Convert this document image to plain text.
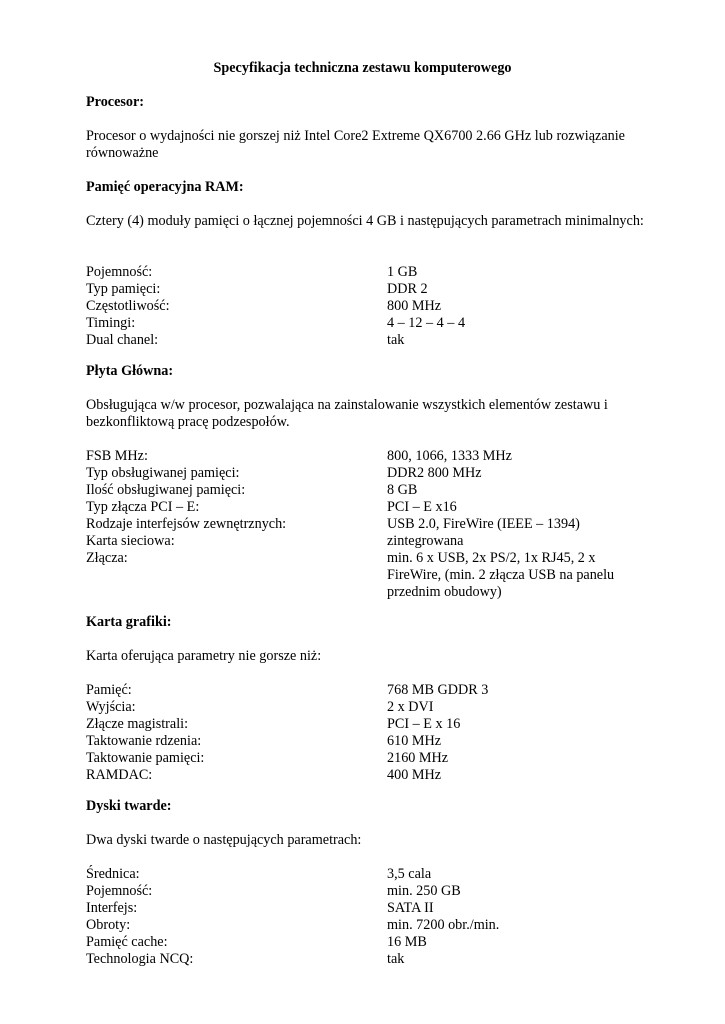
Specyfikacja techniczna zestawu komputerowego
Procesor:
Procesor o wydajności nie gorszej niż Intel Core2 Extreme QX6700 2.66 GHz lub rozwiązanie równoważne
Pamięć operacyjna RAM:
Cztery (4) moduły pamięci o łącznej pojemności 4 GB i następujących parametrach minimalnych:
Pojemność:	1 GB
Typ pamięci:	DDR 2
Częstotliwość:	800 MHz
Timingi:	4 – 12 – 4 – 4
Dual chanel:	tak
Płyta Główna:
Obsługująca w/w procesor, pozwalająca na zainstalowanie wszystkich elementów zestawu i bezkonfliktową pracę podzespołów.
FSB MHz:	800, 1066, 1333 MHz
Typ obsługiwanej pamięci:	DDR2 800 MHz
Ilość obsługiwanej pamięci:	8 GB
Typ złącza PCI – E:	PCI – E x16
Rodzaje interfejsów zewnętrznych:	USB 2.0, FireWire (IEEE – 1394)
Karta sieciowa:	zintegrowana
Złącza:	min. 6 x USB, 2x PS/2, 1x RJ45, 2 x FireWire, (min. 2 złącza USB na panelu przednim obudowy)
Karta grafiki:
Karta oferująca parametry nie gorsze niż:
Pamięć:	768 MB GDDR 3
Wyjścia:	2 x DVI
Złącze magistrali:	PCI – E x 16
Taktowanie rdzenia:	610 MHz
Taktowanie pamięci:	2160 MHz
RAMDAC:	400 MHz
Dyski twarde:
Dwa dyski twarde o następujących parametrach:
Średnica:	3,5 cala
Pojemność:	min. 250 GB
Interfejs:	SATA II
Obroty:	min. 7200 obr./min.
Pamięć cache:	16 MB
Technologia NCQ:	tak
